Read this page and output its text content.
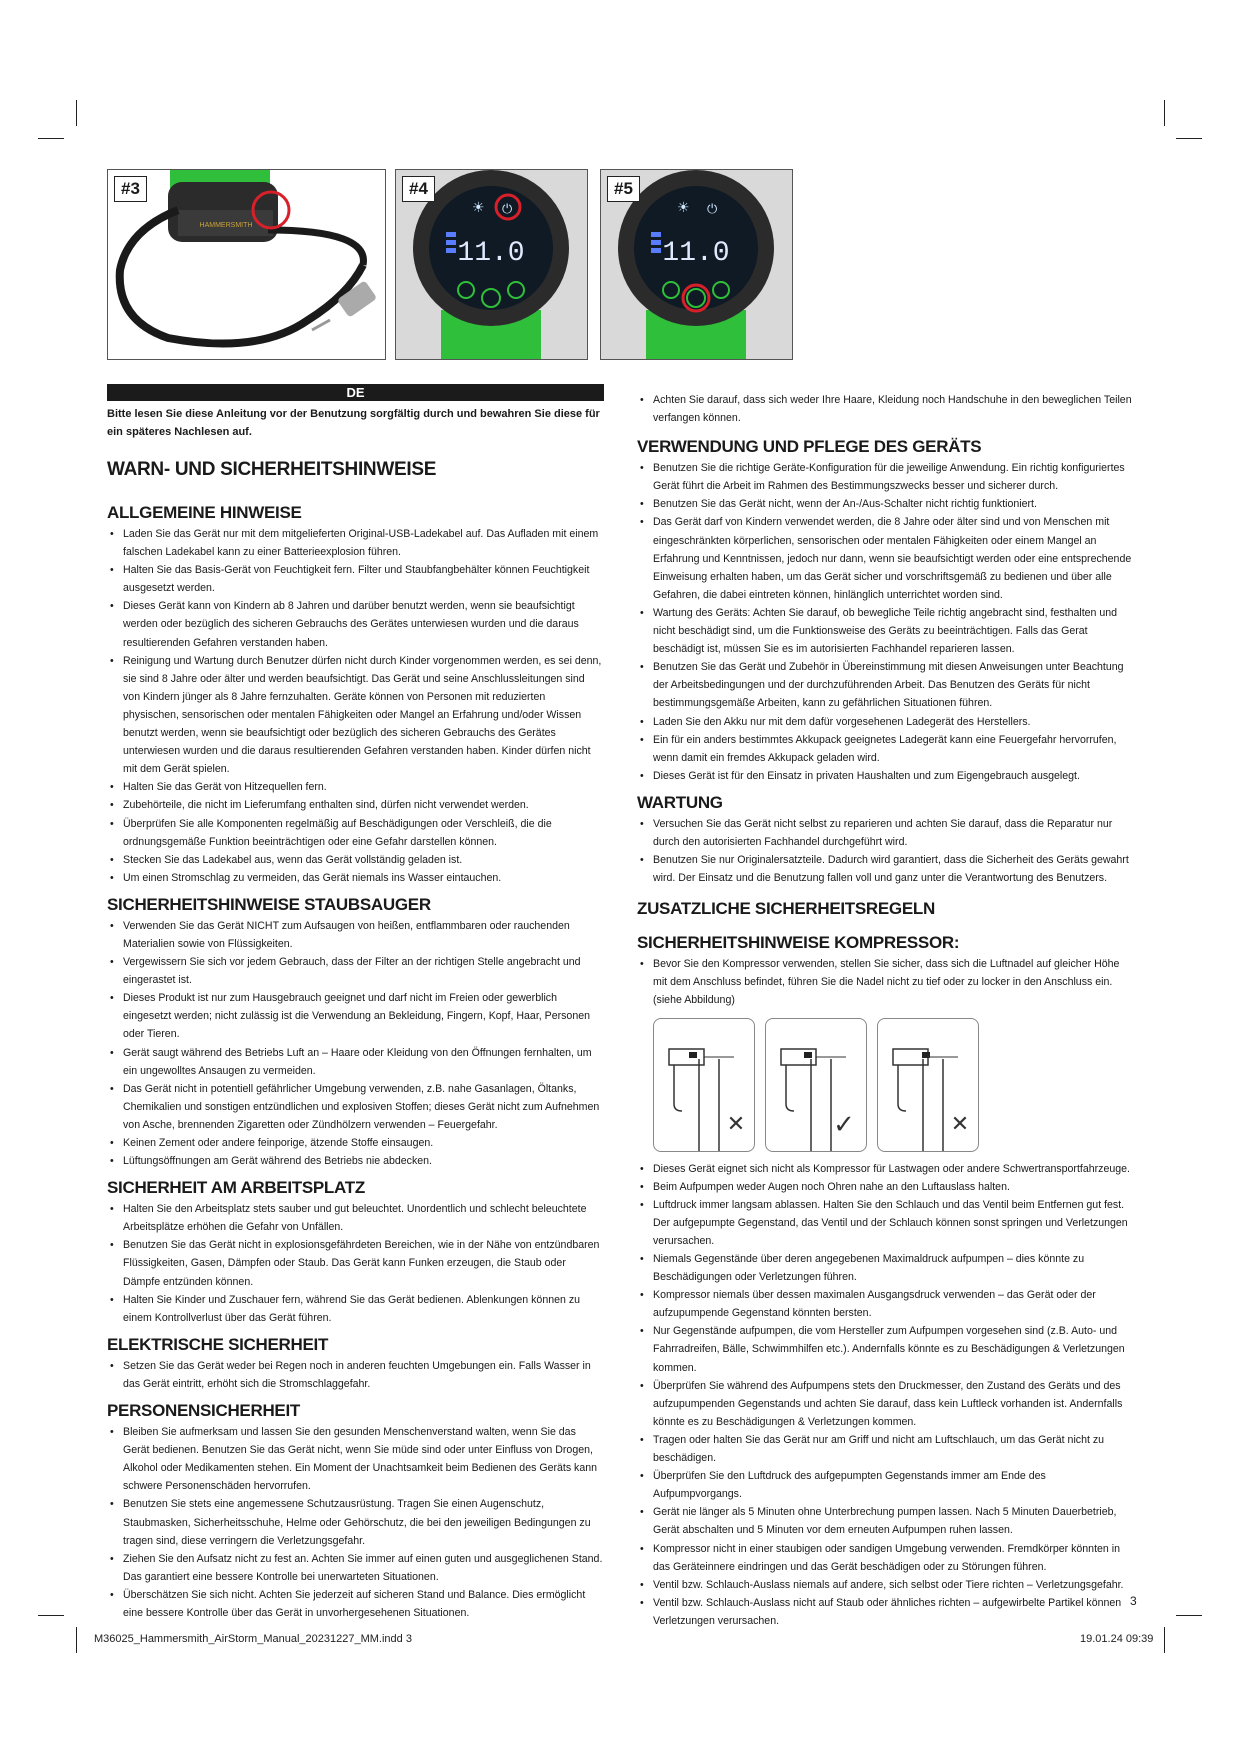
#3
HAMMERSMITH
#4
☀ ⏻
11.0
#5
☀ ⏻
11.0
DE

Bitte lesen Sie diese Anleitung vor der Benutzung sorgfältig durch und bewahren Sie diese für ein späteres Nachlesen auf.

WARN- UND SICHERHEITSHINWEISE
ALLGEMEINE HINWEISE
• Laden Sie das Gerät nur mit dem mitgelieferten Original-USB-Ladekabel auf. Das Aufladen mit einem falschen Ladekabel kann zu einer Batterieexplosion führen.
• Halten Sie das Basis-Gerät von Feuchtigkeit fern. Filter und Staubfangbehälter können Feuchtigkeit ausgesetzt werden.
• Dieses Gerät kann von Kindern ab 8 Jahren und darüber benutzt werden, wenn sie beaufsichtigt werden oder bezüglich des sicheren Gebrauchs des Gerätes unterwiesen wurden und die daraus resultierenden Gefahren verstanden haben.
• Reinigung und Wartung durch Benutzer dürfen nicht durch Kinder vorgenommen werden, es sei denn, sie sind 8 Jahre oder älter und werden beaufsichtigt. Das Gerät und seine Anschlussleitungen sind von Kindern jünger als 8 Jahre fernzuhalten. Geräte können von Personen mit reduzierten physischen, sensorischen oder mentalen Fähigkeiten oder Mangel an Erfahrung und/oder Wissen benutzt werden, wenn sie beaufsichtigt oder bezüglich des sicheren Gebrauchs des Gerätes unterwiesen wurden und die daraus resultierenden Gefahren verstanden haben. Kinder dürfen nicht mit dem Gerät spielen.
• Halten Sie das Gerät von Hitzequellen fern.
• Zubehörteile, die nicht im Lieferumfang enthalten sind, dürfen nicht verwendet werden.
• Überprüfen Sie alle Komponenten regelmäßig auf Beschädigungen oder Verschleiß, die die ordnungsgemäße Funktion beeinträchtigen oder eine Gefahr darstellen können.
• Stecken Sie das Ladekabel aus, wenn das Gerät vollständig geladen ist.
• Um einen Stromschlag zu vermeiden, das Gerät niemals ins Wasser eintauchen.
SICHERHEITSHINWEISE STAUBSAUGER
• Verwenden Sie das Gerät NICHT zum Aufsaugen von heißen, entflammbaren oder rauchenden Materialien sowie von Flüssigkeiten.
• Vergewissern Sie sich vor jedem Gebrauch, dass der Filter an der richtigen Stelle angebracht und eingerastet ist.
• Dieses Produkt ist nur zum Hausgebrauch geeignet und darf nicht im Freien oder gewerblich eingesetzt werden; nicht zulässig ist die Verwendung an Bekleidung, Fingern, Kopf, Haar, Personen oder Tieren.
• Gerät saugt während des Betriebs Luft an – Haare oder Kleidung von den Öffnungen fernhalten, um ein ungewolltes Ansaugen zu vermeiden.
• Das Gerät nicht in potentiell gefährlicher Umgebung verwenden, z.B. nahe Gasanlagen, Öltanks, Chemikalien und sonstigen entzündlichen und explosiven Stoffen; dieses Gerät nicht zum Aufnehmen von Asche, brennenden Zigaretten oder Zündhölzern verwenden – Feuergefahr.
• Keinen Zement oder andere feinporige, ätzende Stoffe einsaugen.
• Lüftungsöffnungen am Gerät während des Betriebs nie abdecken.
SICHERHEIT AM ARBEITSPLATZ
• Halten Sie den Arbeitsplatz stets sauber und gut beleuchtet. Unordentlich und schlecht beleuchtete Arbeitsplätze erhöhen die Gefahr von Unfällen.
• Benutzen Sie das Gerät nicht in explosionsgefährdeten Bereichen, wie in der Nähe von entzündbaren Flüssigkeiten, Gasen, Dämpfen oder Staub. Das Gerät kann Funken erzeugen, die Staub oder Dämpfe entzünden können.
• Halten Sie Kinder und Zuschauer fern, während Sie das Gerät bedienen. Ablenkungen können zu einem Kontrollverlust über das Gerät führen.
ELEKTRISCHE SICHERHEIT
• Setzen Sie das Gerät weder bei Regen noch in anderen feuchten Umgebungen ein. Falls Wasser in das Gerät eintritt, erhöht sich die Stromschlaggefahr.
PERSONENSICHERHEIT
• Bleiben Sie aufmerksam und lassen Sie den gesunden Menschenverstand walten, wenn Sie das Gerät bedienen. Benutzen Sie das Gerät nicht, wenn Sie müde sind oder unter Einfluss von Drogen, Alkohol oder Medikamenten stehen. Ein Moment der Unachtsamkeit beim Bedienen des Geräts kann schwere Personenschäden hervorrufen.
• Benutzen Sie stets eine angemessene Schutzausrüstung. Tragen Sie einen Augenschutz, Staubmasken, Sicherheitsschuhe, Helme oder Gehörschutz, die bei den jeweiligen Bedingungen zu tragen sind, diese verringern die Verletzungsgefahr.
• Ziehen Sie den Aufsatz nicht zu fest an. Achten Sie immer auf einen guten und ausgeglichenen Stand. Das garantiert eine bessere Kontrolle bei unerwarteten Situationen.
• Überschätzen Sie sich nicht. Achten Sie jederzeit auf sicheren Stand und Balance. Dies ermöglicht eine bessere Kontrolle über das Gerät in unvorhergesehenen Situationen.
• Achten Sie darauf, dass sich weder Ihre Haare, Kleidung noch Handschuhe in den beweglichen Teilen verfangen können.
VERWENDUNG UND PFLEGE DES GERÄTS
• Benutzen Sie die richtige Geräte-Konfiguration für die jeweilige Anwendung. Ein richtig konfiguriertes Gerät führt die Arbeit im Rahmen des Bestimmungszwecks besser und sicherer durch.
• Benutzen Sie das Gerät nicht, wenn der An-/Aus-Schalter nicht richtig funktioniert.
• Das Gerät darf von Kindern verwendet werden, die 8 Jahre oder älter sind und von Menschen mit eingeschränkten körperlichen, sensorischen oder mentalen Fähigkeiten oder einem Mangel an Erfahrung und Kenntnissen, jedoch nur dann, wenn sie beaufsichtigt werden oder eine entsprechende Einweisung erhalten haben, um das Gerät sicher und vorschriftsgemäß zu bedienen und über alle Gefahren, die dabei eintreten können, hinlänglich unterrichtet worden sind.
• Wartung des Geräts: Achten Sie darauf, ob bewegliche Teile richtig angebracht sind, festhalten und nicht beschädigt sind, um die Funktionsweise des Geräts zu beeinträchtigen. Falls das Gerat beschädigt ist, müssen Sie es im autorisierten Fachhandel reparieren lassen.
• Benutzen Sie das Gerät und Zubehör in Übereinstimmung mit diesen Anweisungen unter Beachtung der Arbeitsbedingungen und der durchzuführenden Arbeit. Das Benutzen des Geräts für nicht bestimmungsgemäße Arbeiten, kann zu gefährlichen Situationen führen.
• Laden Sie den Akku nur mit dem dafür vorgesehenen Ladegerät des Herstellers.
• Ein für ein anders bestimmtes Akkupack geeignetes Ladegerät kann eine Feuergefahr hervorrufen, wenn damit ein fremdes Akkupack geladen wird.
• Dieses Gerät ist für den Einsatz in privaten Haushalten und zum Eigengebrauch ausgelegt.
WARTUNG
• Versuchen Sie das Gerät nicht selbst zu reparieren und achten Sie darauf, dass die Reparatur nur durch den autorisierten Fachhandel durchgeführt wird.
• Benutzen Sie nur Originalersatzteile. Dadurch wird garantiert, dass die Sicherheit des Geräts gewahrt wird. Der Einsatz und die Benutzung fallen voll und ganz unter die Verantwortung des Benutzers.
ZUSATZLICHE SICHERHEITSREGELN
SICHERHEITSHINWEISE KOMPRESSOR:
• Bevor Sie den Kompressor verwenden, stellen Sie sicher, dass sich die Luftnadel auf gleicher Höhe mit dem Anschluss befindet, führen Sie die Nadel nicht zu tief oder zu locker in den Anschluss ein. (siehe Abbildung)
✕	✓	✕
• Dieses Gerät eignet sich nicht als Kompressor für Lastwagen oder andere Schwertransportfahrzeuge.
• Beim Aufpumpen weder Augen noch Ohren nahe an den Luftauslass halten.
• Luftdruck immer langsam ablassen. Halten Sie den Schlauch und das Ventil beim Entfernen gut fest. Der aufgepumpte Gegenstand, das Ventil und der Schlauch können sonst springen und Verletzungen verursachen.
• Niemals Gegenstände über deren angegebenen Maximaldruck aufpumpen – dies könnte zu Beschädigungen oder Verletzungen führen.
• Kompressor niemals über dessen maximalen Ausgangsdruck verwenden – das Gerät oder der aufzupumpende Gegenstand könnten bersten.
• Nur Gegenstände aufpumpen, die vom Hersteller zum Aufpumpen vorgesehen sind (z.B. Auto- und Fahrradreifen, Bälle, Schwimmhilfen etc.). Andernfalls könnte es zu Beschädigungen & Verletzungen kommen.
• Überprüfen Sie während des Aufpumpens stets den Druckmesser, den Zustand des Geräts und des aufzupumpenden Gegenstands und achten Sie darauf, dass kein Luftleck vorhanden ist. Andernfalls könnte es zu Beschädigungen & Verletzungen kommen.
• Tragen oder halten Sie das Gerät nur am Griff und nicht am Luftschlauch, um das Gerät nicht zu beschädigen.
• Überprüfen Sie den Luftdruck des aufgepumpten Gegenstands immer am Ende des Aufpumpvorgangs.
• Gerät nie länger als 5 Minuten ohne Unterbrechung pumpen lassen. Nach 5 Minuten Dauerbetrieb, Gerät abschalten und 5 Minuten vor dem erneuten Aufpumpen ruhen lassen.
• Kompressor nicht in einer staubigen oder sandigen Umgebung verwenden. Fremdkörper könnten in das Geräteinnere eindringen und das Gerät beschädigen oder zu Störungen führen.
• Ventil bzw. Schlauch-Auslass niemals auf andere, sich selbst oder Tiere richten – Verletzungsgefahr.
• Ventil bzw. Schlauch-Auslass nicht auf Staub oder ähnliches richten – aufgewirbelte Partikel können Verletzungen verursachen.
3
M36025_Hammersmith_AirStorm_Manual_20231227_MM.indd 3	19.01.24 09:39
